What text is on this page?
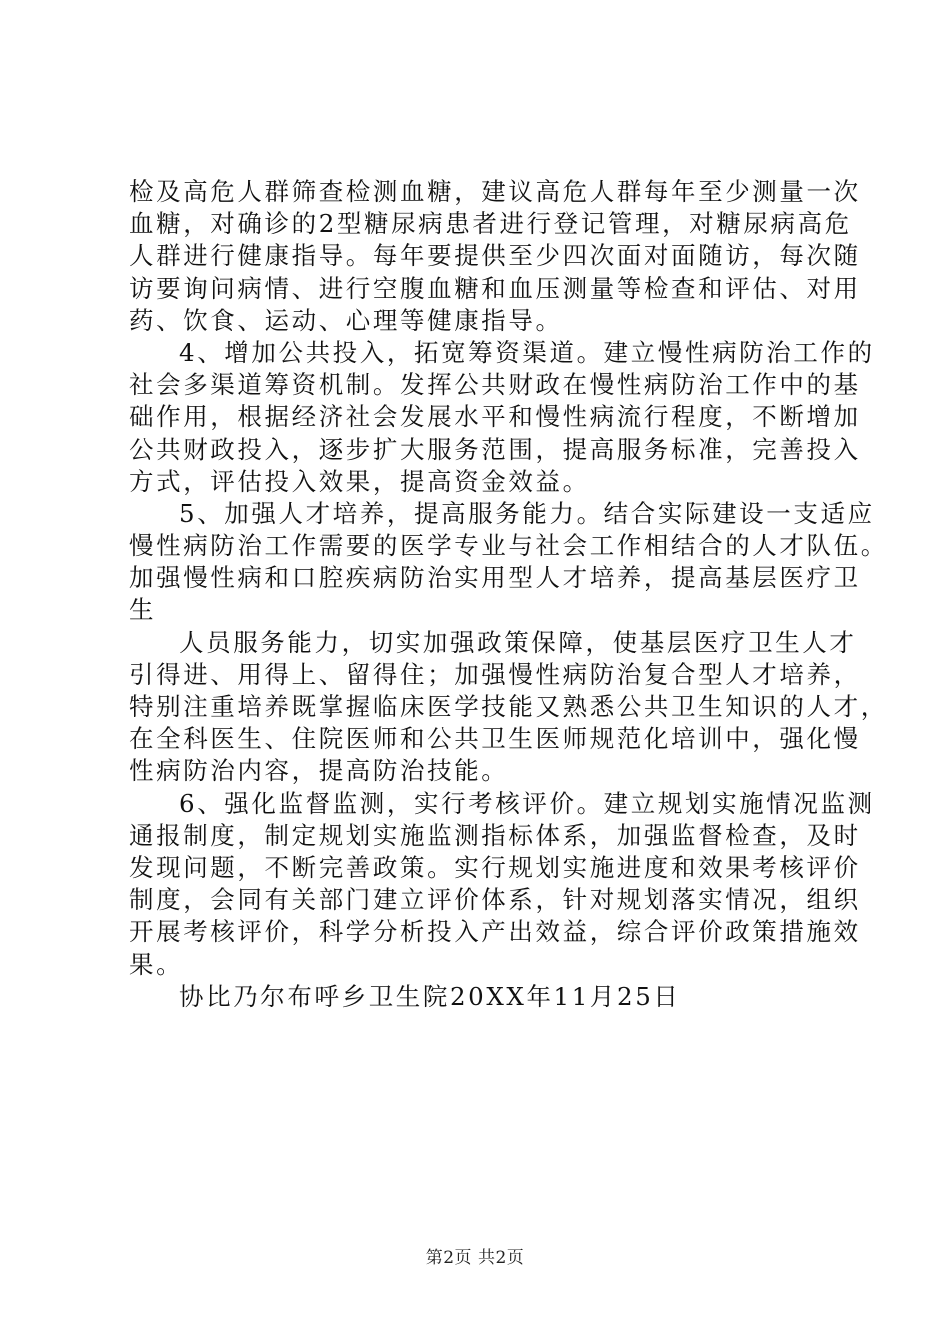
检及高危人群筛查检测血糖，建议高危人群每年至少测量一次
血糖，对确诊的2型糖尿病患者进行登记管理，对糖尿病高危
人群进行健康指导。每年要提供至少四次面对面随访，每次随
访要询问病情、进行空腹血糖和血压测量等检查和评估、对用
药、饮食、运动、心理等健康指导。
4、增加公共投入，拓宽筹资渠道。建立慢性病防治工作的
社会多渠道筹资机制。发挥公共财政在慢性病防治工作中的基
础作用，根据经济社会发展水平和慢性病流行程度，不断增加
公共财政投入，逐步扩大服务范围，提高服务标准，完善投入
方式，评估投入效果，提高资金效益。
5、加强人才培养，提高服务能力。结合实际建设一支适应
慢性病防治工作需要的医学专业与社会工作相结合的人才队伍。
加强慢性病和口腔疾病防治实用型人才培养，提高基层医疗卫
生
人员服务能力，切实加强政策保障，使基层医疗卫生人才
引得进、用得上、留得住；加强慢性病防治复合型人才培养，
特别注重培养既掌握临床医学技能又熟悉公共卫生知识的人才，
在全科医生、住院医师和公共卫生医师规范化培训中，强化慢
性病防治内容，提高防治技能。
6、强化监督监测，实行考核评价。建立规划实施情况监测
通报制度，制定规划实施监测指标体系，加强监督检查，及时
发现问题，不断完善政策。实行规划实施进度和效果考核评价
制度，会同有关部门建立评价体系，针对规划落实情况，组织
开展考核评价，科学分析投入产出效益，综合评价政策措施效
果。
协比乃尔布呼乡卫生院20XX年11月25日
第2页 共2页
